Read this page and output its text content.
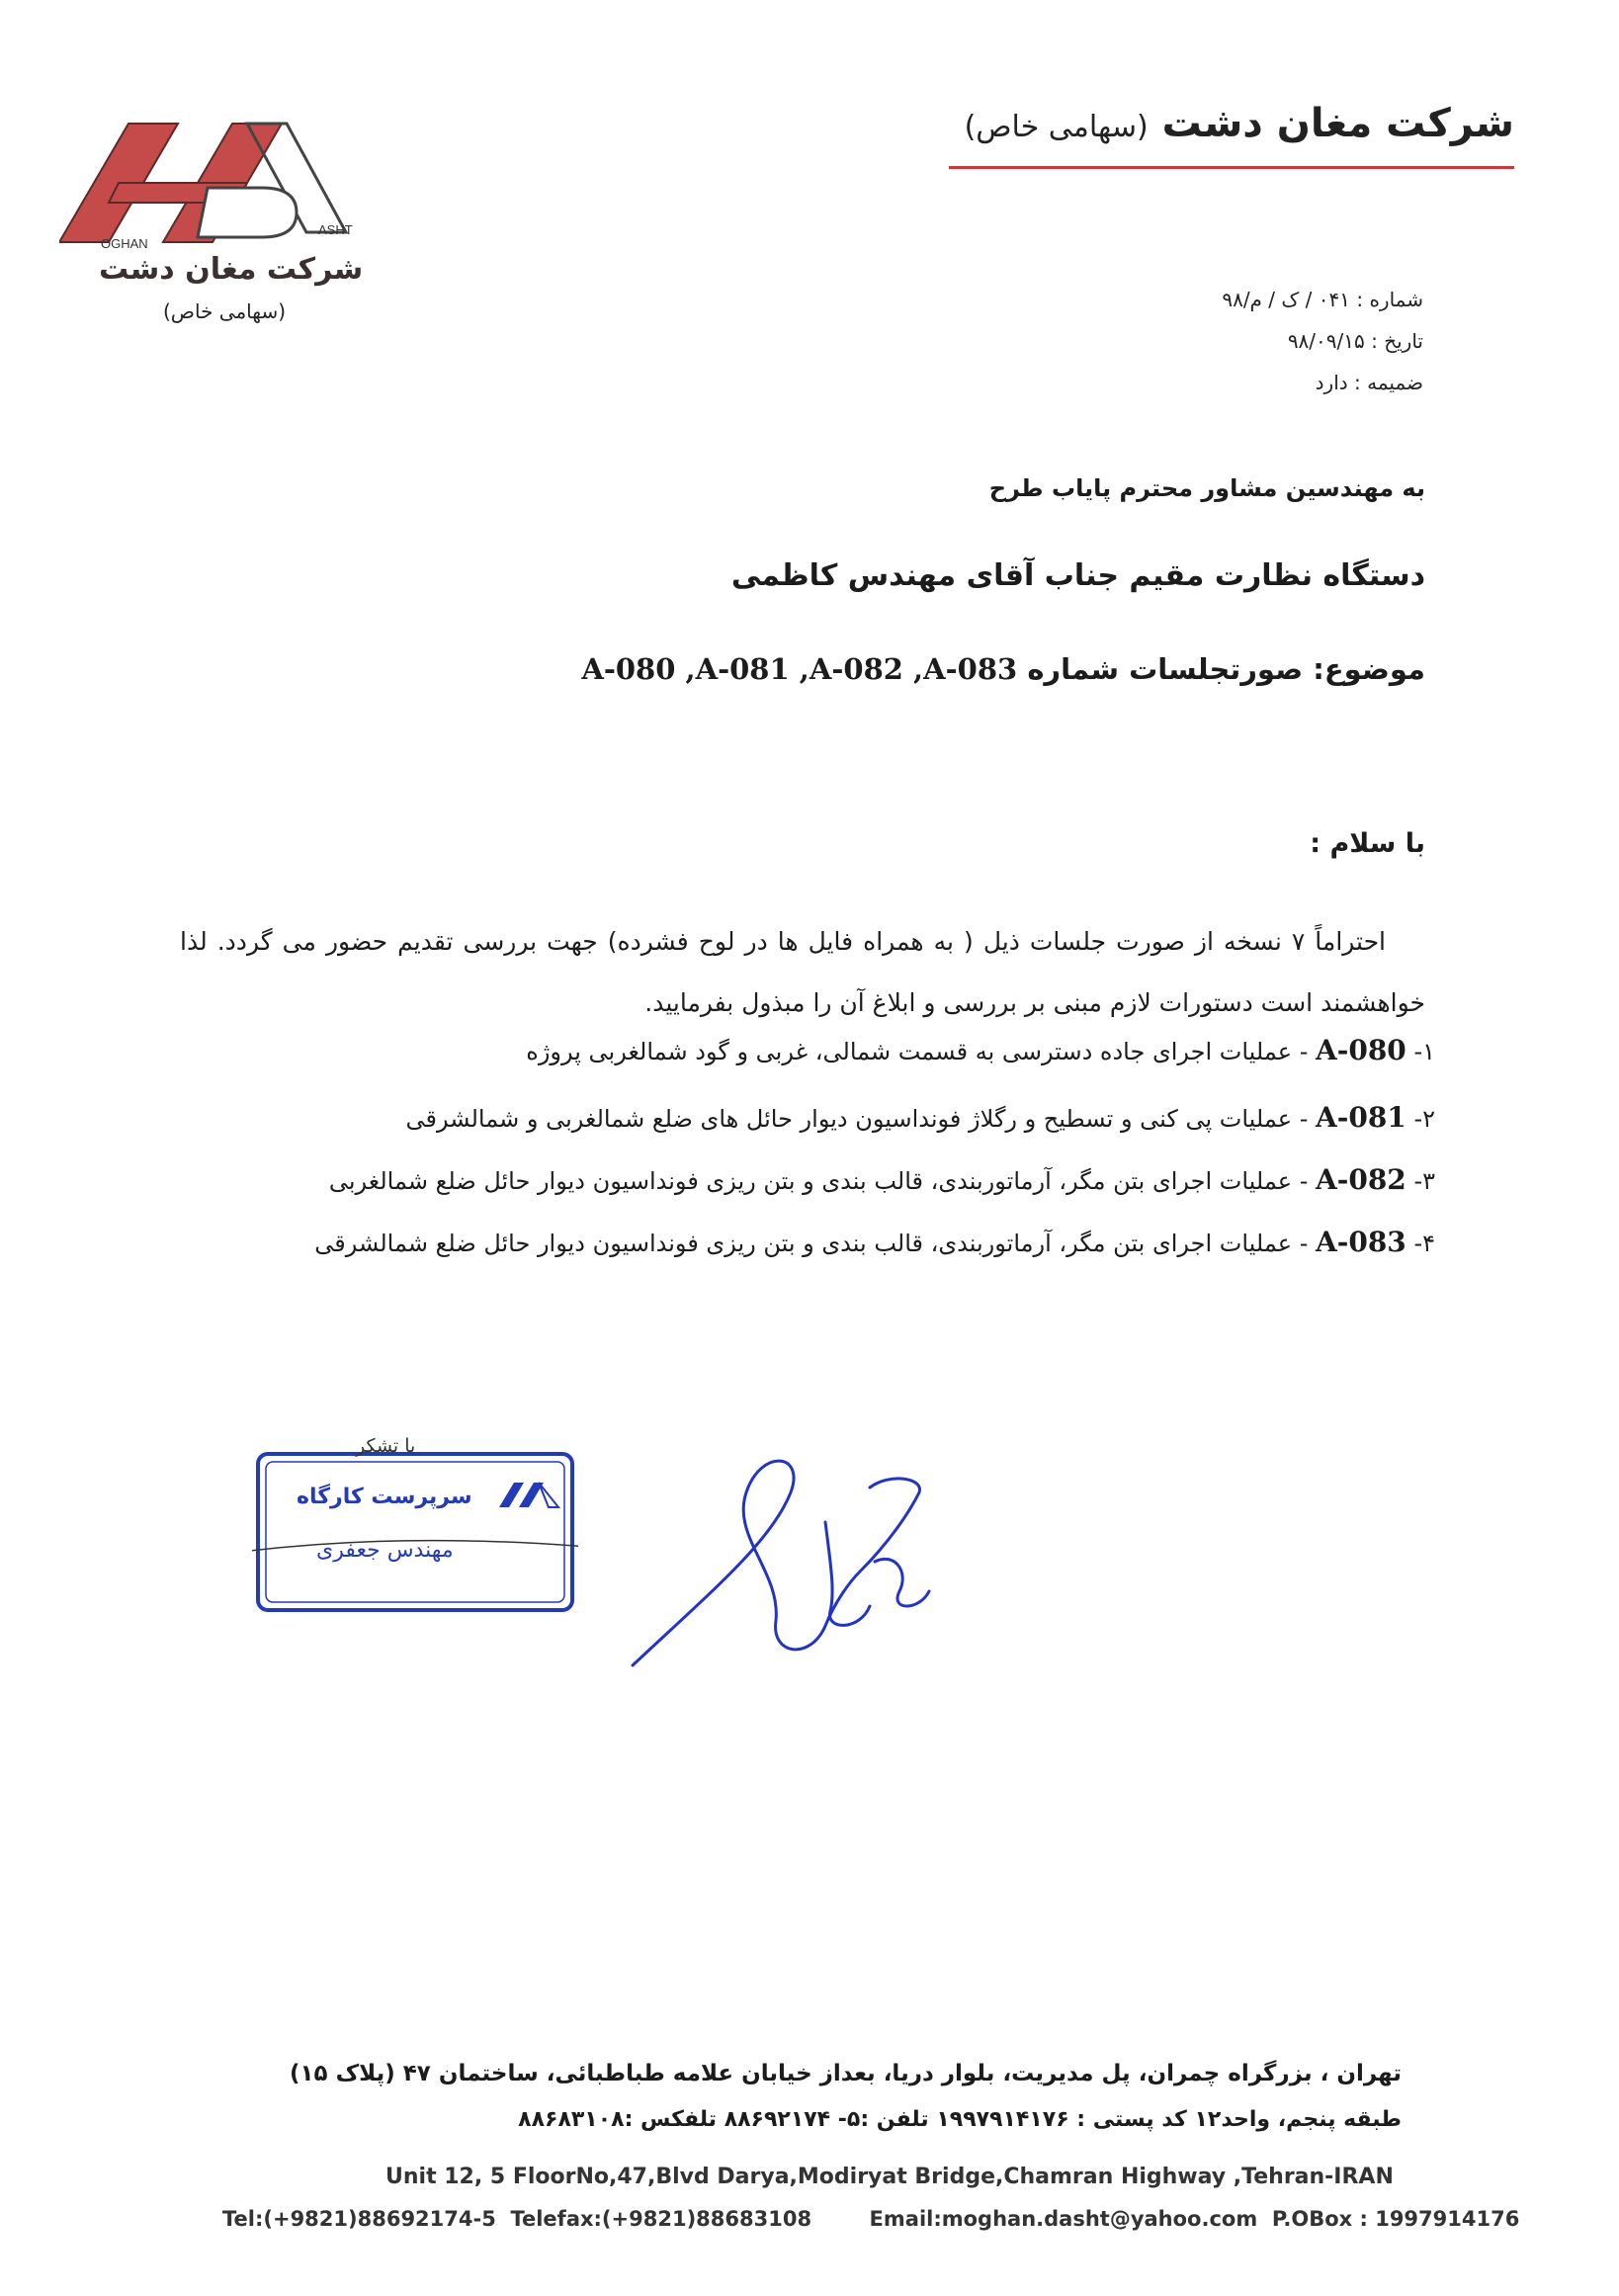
OGHAN
ASHT
شرکت مغان دشت
(سهامی خاص)
شرکت مغان دشت (سهامی خاص)
شماره : ۰۴۱ / ک / م/۹۸
تاریخ : ۹۸/۰۹/۱۵
ضمیمه : دارد
به مهندسین مشاور محترم پایاب طرح
دستگاه نظارت مقیم جناب آقای مهندس کاظمی
موضوع: صورتجلسات شماره A-080 ,A-081 ,A-082 ,A-083
با سلام :
احتراماً ۷ نسخه از صورت جلسات ذیل ( به همراه فایل ها در لوح فشرده) جهت بررسی تقدیم حضور می گردد. لذا خواهشمند است دستورات لازم مبنی بر بررسی و ابلاغ آن را مبذول بفرمایید.
۱- A-080 - عملیات اجرای جاده دسترسی به قسمت شمالی، غربی و گود شمالغربی پروژه
۲- A-081 - عملیات پی کنی و تسطیح و رگلاژ فونداسیون دیوار حائل های ضلع شمالغربی و شمالشرقی
۳- A-082 - عملیات اجرای بتن مگر، آرماتوربندی، قالب بندی و بتن ریزی فونداسیون دیوار حائل ضلع شمالغربی
۴- A-083 - عملیات اجرای بتن مگر، آرماتوربندی، قالب بندی و بتن ریزی فونداسیون دیوار حائل ضلع شمالشرقی
با تشکر
سرپرست کارگاه
مهندس جعفری
تهران ، بزرگراه چمران، پل مدیریت، بلوار دریا، بعداز خیابان علامه طباطبائی، ساختمان ۴۷ (پلاک ۱۵)
طبقه پنجم، واحد۱۲ کد پستی : ۱۹۹۷۹۱۴۱۷۶ تلفن :۵- ۸۸۶۹۲۱۷۴ تلفکس :۸۸۶۸۳۱۰۸
Unit 12, 5 FloorNo,47,Blvd Darya,Modiryat Bridge,Chamran Highway ,Tehran-IRAN
Tel:(+9821)88692174-5  Telefax:(+9821)88683108        Email:moghan.dasht@yahoo.com  P.OBox : 1997914176
